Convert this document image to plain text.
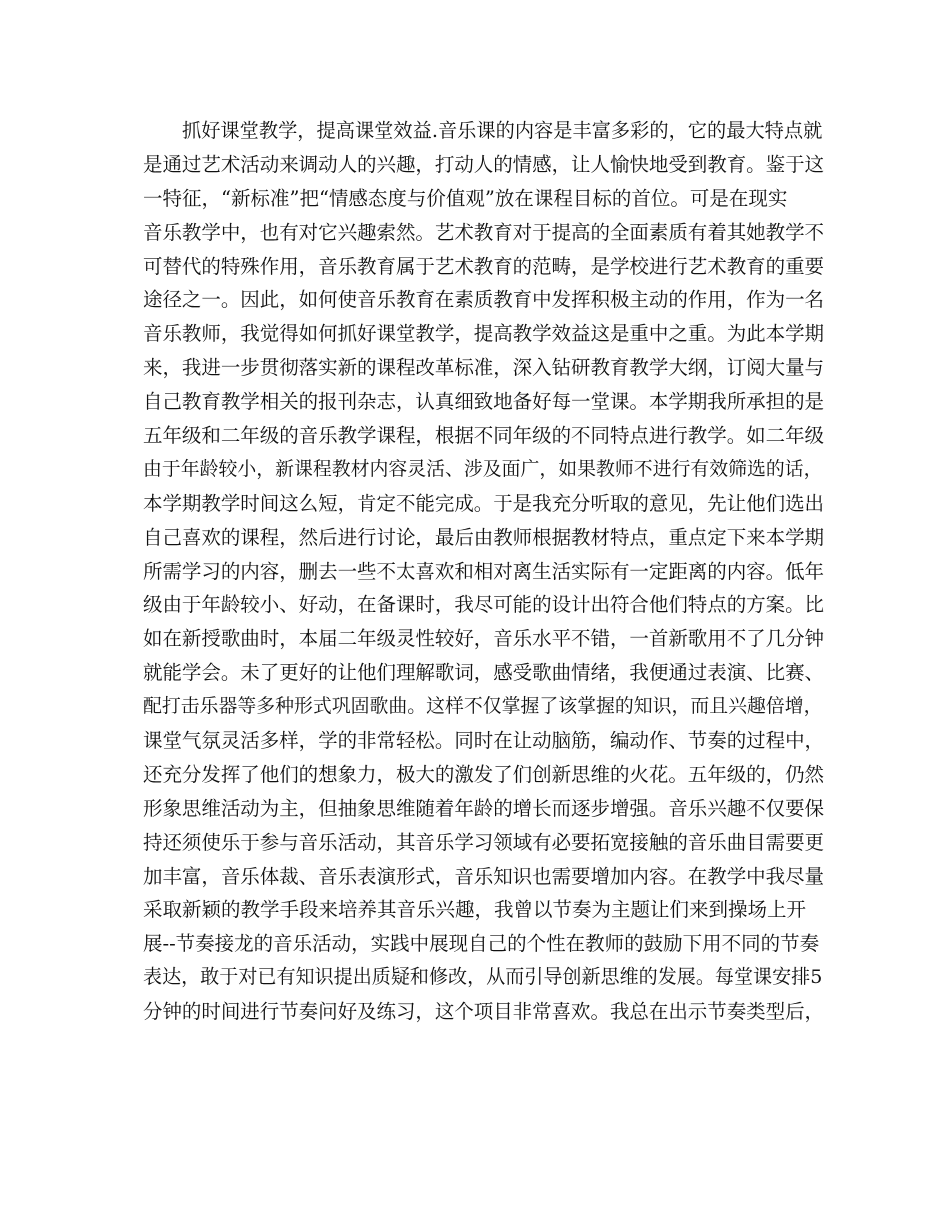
抓好课堂教学，提高课堂效益.音乐课的内容是丰富多彩的，它的最大特点就
是通过艺术活动来调动人的兴趣，打动人的情感，让人愉快地受到教育。鉴于这
一特征，“新标准”把“情感态度与价值观”放在课程目标的首位。可是在现实
音乐教学中，也有对它兴趣索然。艺术教育对于提高的全面素质有着其她教学不
可替代的特殊作用，音乐教育属于艺术教育的范畴，是学校进行艺术教育的重要
途径之一。因此，如何使音乐教育在素质教育中发挥积极主动的作用，作为一名
音乐教师，我觉得如何抓好课堂教学，提高教学效益这是重中之重。为此本学期
来，我进一步贯彻落实新的课程改革标准，深入钻研教育教学大纲，订阅大量与
自己教育教学相关的报刊杂志，认真细致地备好每一堂课。本学期我所承担的是
五年级和二年级的音乐教学课程，根据不同年级的不同特点进行教学。如二年级
由于年龄较小，新课程教材内容灵活、涉及面广，如果教师不进行有效筛选的话，
本学期教学时间这么短，肯定不能完成。于是我充分听取的意见，先让他们选出
自己喜欢的课程，然后进行讨论，最后由教师根据教材特点，重点定下来本学期
所需学习的内容，删去一些不太喜欢和相对离生活实际有一定距离的内容。低年
级由于年龄较小、好动，在备课时，我尽可能的设计出符合他们特点的方案。比
如在新授歌曲时，本届二年级灵性较好，音乐水平不错，一首新歌用不了几分钟
就能学会。未了更好的让他们理解歌词，感受歌曲情绪，我便通过表演、比赛、
配打击乐器等多种形式巩固歌曲。这样不仅掌握了该掌握的知识，而且兴趣倍增，
课堂气氛灵活多样，学的非常轻松。同时在让动脑筋，编动作、节奏的过程中，
还充分发挥了他们的想象力，极大的激发了们创新思维的火花。五年级的，仍然
形象思维活动为主，但抽象思维随着年龄的增长而逐步增强。音乐兴趣不仅要保
持还须使乐于参与音乐活动，其音乐学习领域有必要拓宽接触的音乐曲目需要更
加丰富，音乐体裁、音乐表演形式，音乐知识也需要增加内容。在教学中我尽量
采取新颖的教学手段来培养其音乐兴趣，我曾以节奏为主题让们来到操场上开
展--节奏接龙的音乐活动，实践中展现自己的个性在教师的鼓励下用不同的节奏
表达，敢于对已有知识提出质疑和修改，从而引导创新思维的发展。每堂课安排5
分钟的时间进行节奏问好及练习，这个项目非常喜欢。我总在出示节奏类型后，
